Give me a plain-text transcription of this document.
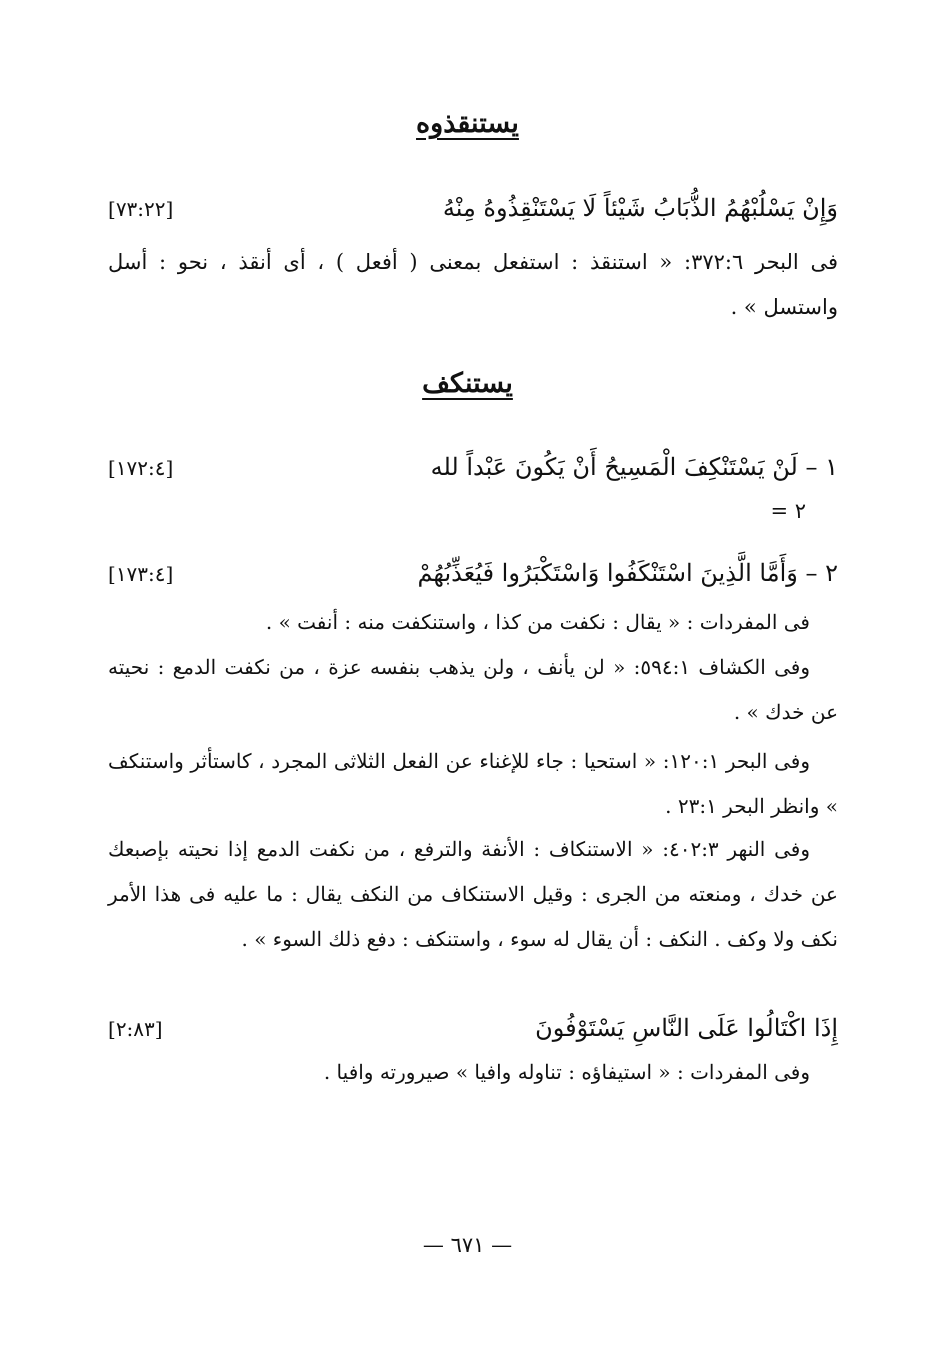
يستنقذوه
وَإِنْ يَسْلُبْهُمُ الذُّبَابُ شَيْئاً لَا يَسْتَنْقِذُوهُ مِنْهُ
[٧٣:٢٢]
فى البحر ٣٧٢:٦: « استنقذ : استفعل بمعنى ( أفعل ) ، أى أنقذ ، نحو : أسل
واستسل » .
يستنكف
١ – لَنْ يَسْتَنْكِفَ الْمَسِيحُ أَنْ يَكُونَ عَبْداً لله
[١٧٢:٤]
٢ =
٢ – وَأَمَّا الَّذِينَ اسْتَنْكَفُوا وَاسْتَكْبَرُوا فَيُعَذِّبُهُمْ
[١٧٣:٤]
فى المفردات : « يقال : نكفت من كذا ، واستنكفت منه : أنفت » .
وفى الكشاف ٥٩٤:١: « لن يأنف ، ولن يذهب بنفسه عزة ، من نكفت الدمع : نحيته عن خدك » .
وفى البحر ١٢٠:١: « استحيا : جاء للإغناء عن الفعل الثلاثى المجرد ، كاستأثر واستنكف » وانظر البحر ٢٣:١ .
وفى النهر ٤٠٢:٣: « الاستنكاف : الأنفة والترفع ، من نكفت الدمع إذا نحيته بإصبعك عن خدك ، ومنعته من الجرى : وقيل الاستنكاف من النكف يقال : ما عليه فى هذا الأمر نكف ولا وكف . النكف : أن يقال له سوء ، واستنكف : دفع ذلك السوء » .
إِذَا اكْتَالُوا عَلَى النَّاسِ يَسْتَوْفُونَ
[٢:٨٣]
وفى المفردات : « استيفاؤه : تناوله وافيا » صيرورته وافيا .
— ٦٧١ —
